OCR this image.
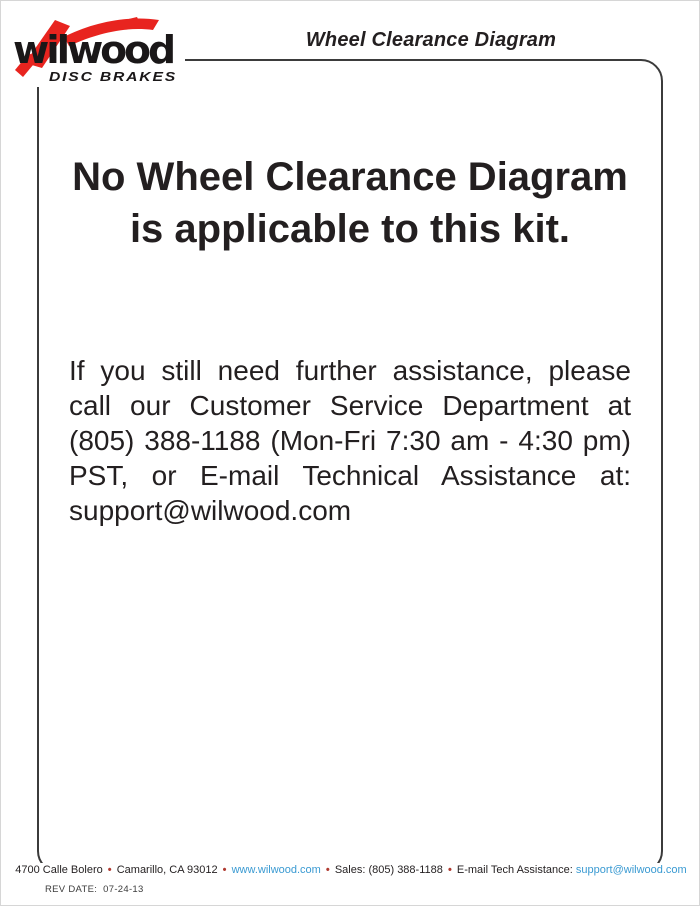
wilwood
DISC BRAKES
Wheel Clearance Diagram
No Wheel Clearance Diagram
is applicable to this kit.
If you still need further assistance, please
call our Customer Service Department at
(805) 388-1188 (Mon-Fri 7:30 am - 4:30 pm)
PST, or E-mail Technical Assistance at:
support@wilwood.com
4700 Calle Bolero • Camarillo, CA 93012 • www.wilwood.com • Sales: (805) 388-1188 • E-mail Tech Assistance: support@wilwood.com
REV DATE: 07-24-13
